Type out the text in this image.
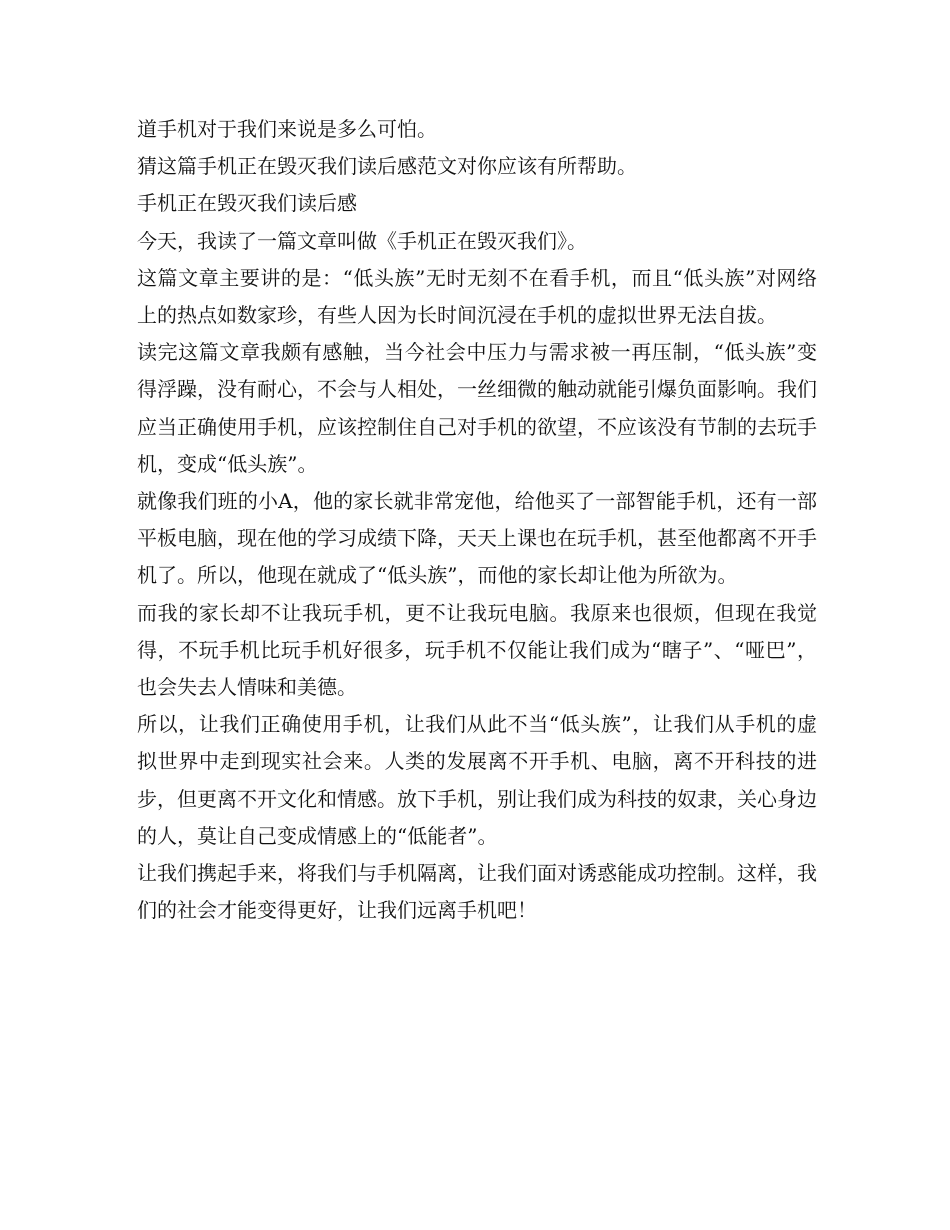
道手机对于我们来说是多么可怕。

猜这篇手机正在毁灭我们读后感范文对你应该有所帮助。

手机正在毁灭我们读后感

今天，我读了一篇文章叫做《手机正在毁灭我们》。

这篇文章主要讲的是：“低头族”无时无刻不在看手机，而且“低头族”对网络上的热点如数家珍，有些人因为长时间沉浸在手机的虚拟世界无法自拔。

读完这篇文章我颇有感触，当今社会中压力与需求被一再压制，“低头族”变得浮躁，没有耐心，不会与人相处，一丝细微的触动就能引爆负面影响。我们应当正确使用手机，应该控制住自己对手机的欲望，不应该没有节制的去玩手机，变成“低头族”。

就像我们班的小A，他的家长就非常宠他，给他买了一部智能手机，还有一部平板电脑，现在他的学习成绩下降，天天上课也在玩手机，甚至他都离不开手机了。所以，他现在就成了“低头族”，而他的家长却让他为所欲为。

而我的家长却不让我玩手机，更不让我玩电脑。我原来也很烦，但现在我觉得，不玩手机比玩手机好很多，玩手机不仅能让我们成为“瞎子”、“哑巴”，也会失去人情味和美德。

所以，让我们正确使用手机，让我们从此不当“低头族”，让我们从手机的虚拟世界中走到现实社会来。人类的发展离不开手机、电脑，离不开科技的进步，但更离不开文化和情感。放下手机，别让我们成为科技的奴隶，关心身边的人，莫让自己变成情感上的“低能者”。

让我们携起手来，将我们与手机隔离，让我们面对诱惑能成功控制。这样，我们的社会才能变得更好，让我们远离手机吧！
